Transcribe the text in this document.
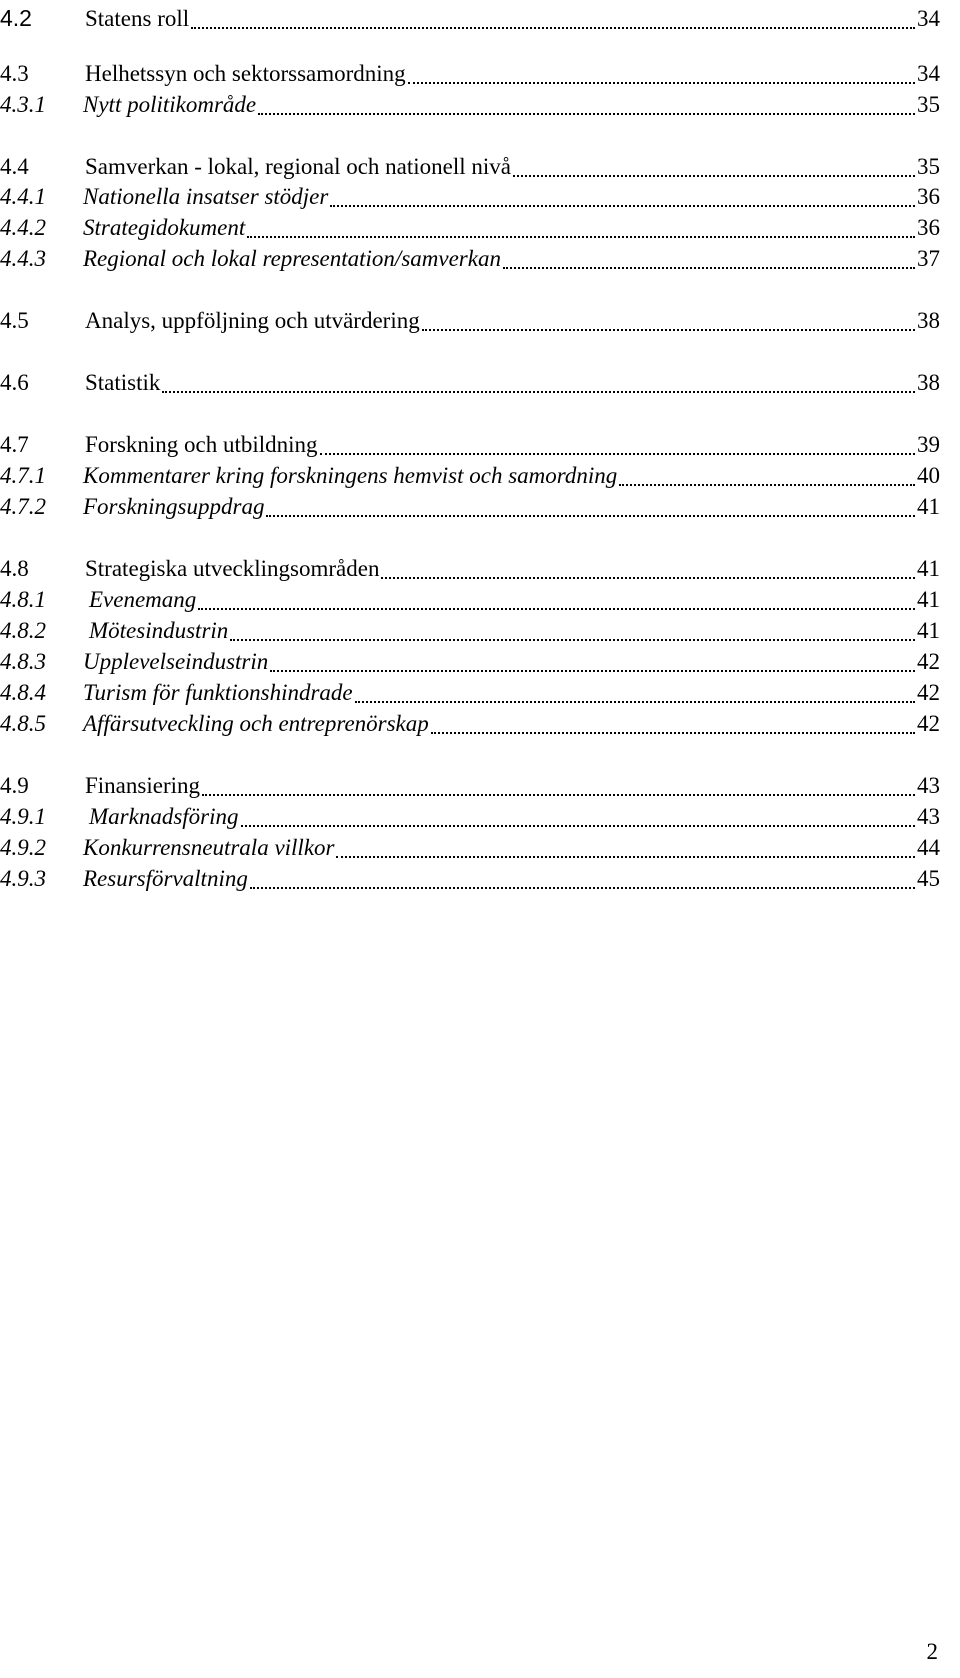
4.2	Statens roll	34
4.3	Helhetssyn och sektorssamordning	34
4.3.1	Nytt politikområde	35
4.4	Samverkan - lokal, regional och nationell nivå	35
4.4.1	Nationella insatser stödjer	36
4.4.2	Strategidokument	36
4.4.3	Regional och lokal representation/samverkan	37
4.5	Analys, uppföljning och utvärdering	38
4.6	Statistik	38
4.7	Forskning och utbildning	39
4.7.1	Kommentarer kring forskningens hemvist och samordning	40
4.7.2	Forskningsuppdrag	41
4.8	Strategiska utvecklingsområden	41
4.8.1	Evenemang	41
4.8.2	Mötesindustrin	41
4.8.3	Upplevelseindustrin	42
4.8.4	Turism för funktionshindrade	42
4.8.5	Affärsutveckling och entreprenörskap	42
4.9	Finansiering	43
4.9.1	Marknadsföring	43
4.9.2	Konkurrensneutrala villkor	44
4.9.3	Resursförvaltning	45
2
